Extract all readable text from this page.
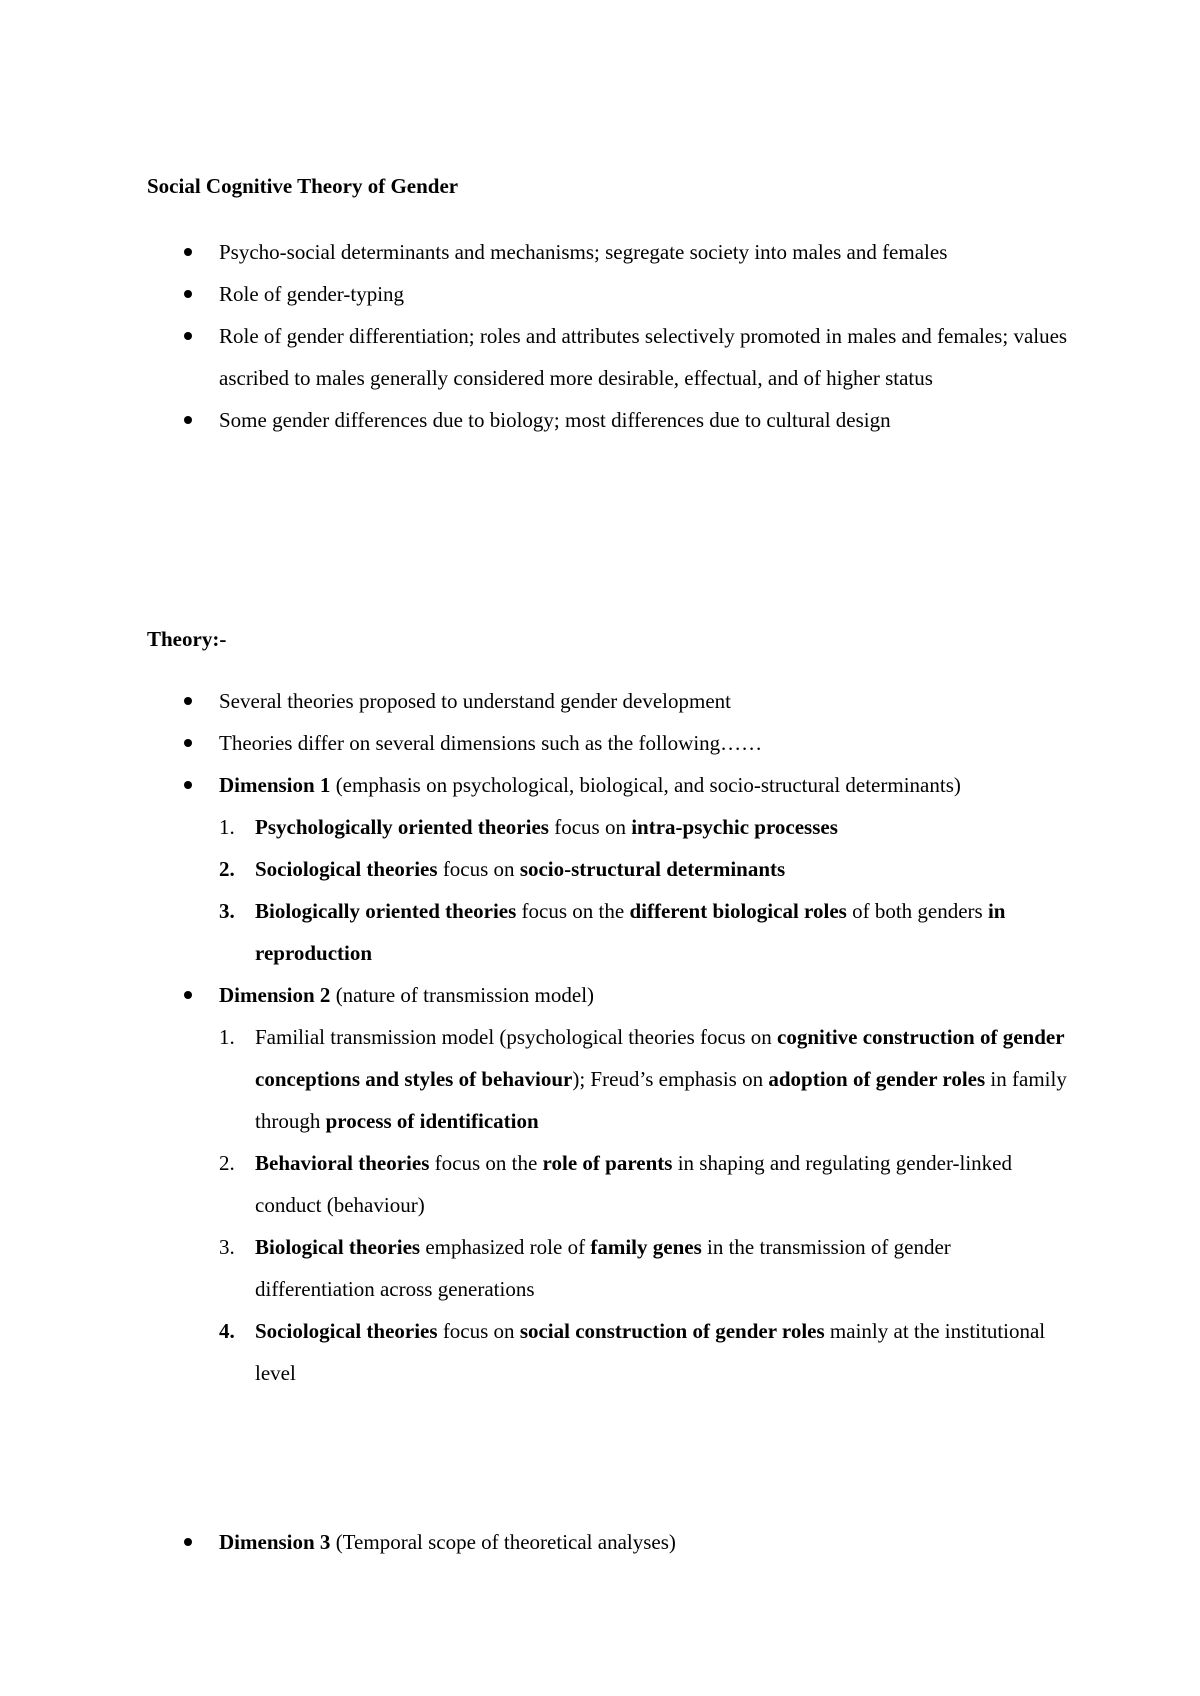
Social Cognitive Theory of Gender
Psycho-social determinants and mechanisms; segregate society into males and females
Role of gender-typing
Role of gender differentiation; roles and attributes selectively promoted in males and females; values ascribed to males generally considered more desirable, effectual, and of higher status
Some gender differences due to biology; most differences due to cultural design
Theory:-
Several theories proposed to understand gender development
Theories differ on several dimensions such as the following……
Dimension 1 (emphasis on psychological, biological, and socio-structural determinants)
1. Psychologically oriented theories focus on intra-psychic processes
2. Sociological theories focus on socio-structural determinants
3. Biologically oriented theories focus on the different biological roles of both genders in reproduction
Dimension 2 (nature of transmission model)
1. Familial transmission model (psychological theories focus on cognitive construction of gender conceptions and styles of behaviour); Freud’s emphasis on adoption of gender roles in family through process of identification
2. Behavioral theories focus on the role of parents in shaping and regulating gender-linked conduct (behaviour)
3. Biological theories emphasized role of family genes in the transmission of gender differentiation across generations
4. Sociological theories focus on social construction of gender roles mainly at the institutional level
Dimension 3 (Temporal scope of theoretical analyses)
